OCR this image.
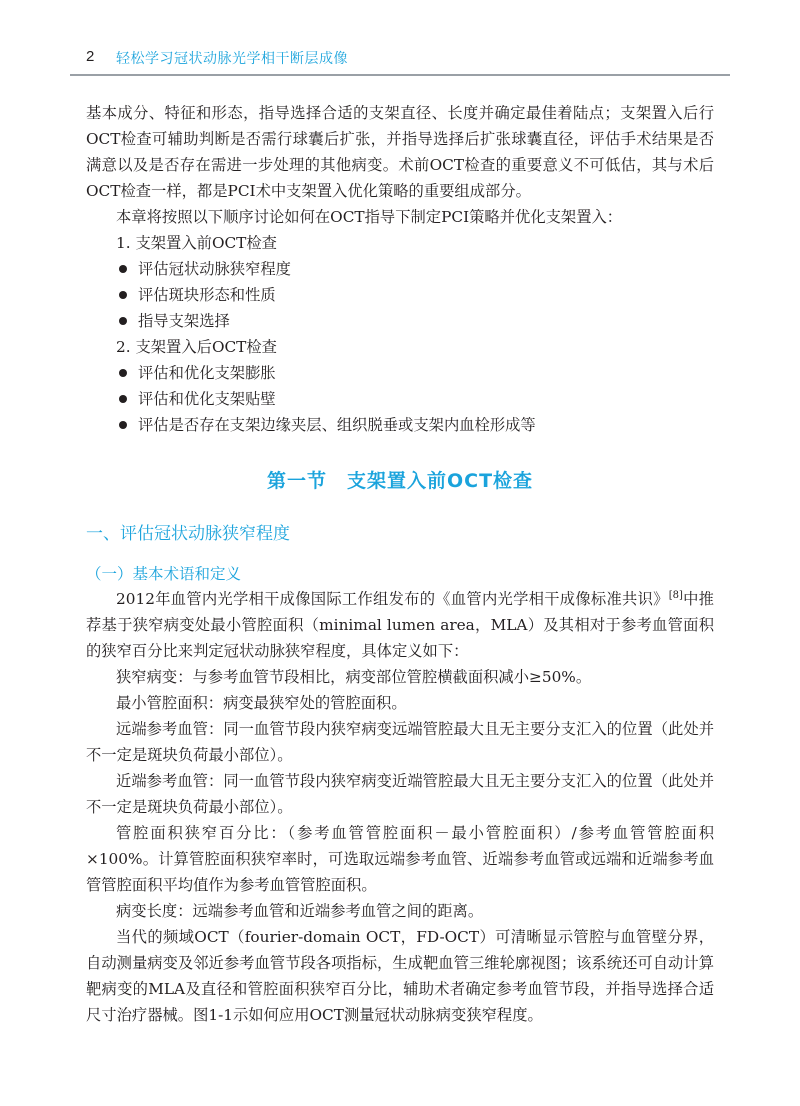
2 轻松学习冠状动脉光学相干断层成像

基本成分、特征和形态，指导选择合适的支架直径、长度并确定最佳着陆点；支架置入后行OCT检查可辅助判断是否需行球囊后扩张，并指导选择后扩张球囊直径，评估手术结果是否满意以及是否存在需进一步处理的其他病变。术前OCT检查的重要意义不可低估，其与术后OCT检查一样，都是PCI术中支架置入优化策略的重要组成部分。

本章将按照以下顺序讨论如何在OCT指导下制定PCI策略并优化支架置入：

1. 支架置入前OCT检查
评估冠状动脉狭窄程度
评估斑块形态和性质
指导支架选择
2. 支架置入后OCT检查
评估和优化支架膨胀
评估和优化支架贴壁
评估是否存在支架边缘夹层、组织脱垂或支架内血栓形成等
第一节　支架置入前OCT检查
一、评估冠状动脉狭窄程度
（一）基本术语和定义

2012年血管内光学相干成像国际工作组发布的《血管内光学相干成像标准共识》[8]中推荐基于狭窄病变处最小管腔面积（minimal lumen area，MLA）及其相对于参考血管面积的狭窄百分比来判定冠状动脉狭窄程度，具体定义如下：

狭窄病变：与参考血管节段相比，病变部位管腔横截面积减小≥50%。

最小管腔面积：病变最狭窄处的管腔面积。

远端参考血管：同一血管节段内狭窄病变远端管腔最大且无主要分支汇入的位置（此处并不一定是斑块负荷最小部位）。

近端参考血管：同一血管节段内狭窄病变近端管腔最大且无主要分支汇入的位置（此处并不一定是斑块负荷最小部位）。

管腔面积狭窄百分比：（参考血管管腔面积－最小管腔面积）/参考血管管腔面积×100%。计算管腔面积狭窄率时，可选取远端参考血管、近端参考血管或远端和近端参考血管管腔面积平均值作为参考血管管腔面积。

病变长度：远端参考血管和近端参考血管之间的距离。

当代的频域OCT（fourier-domain OCT，FD-OCT）可清晰显示管腔与血管壁分界，自动测量病变及邻近参考血管节段各项指标，生成靶血管三维轮廓视图；该系统还可自动计算靶病变的MLA及直径和管腔面积狭窄百分比，辅助术者确定参考血管节段，并指导选择合适尺寸治疗器械。图1-1示如何应用OCT测量冠状动脉病变狭窄程度。
